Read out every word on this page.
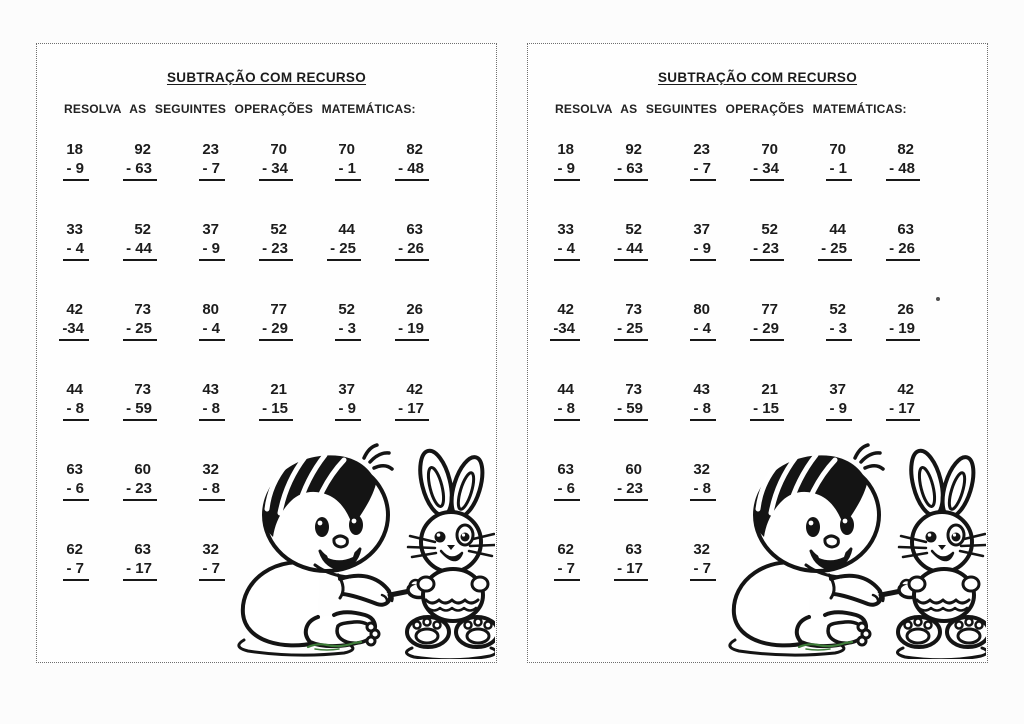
SUBTRAÇÃO COM RECURSO
RESOLVA AS SEGUINTES OPERAÇÕES MATEMÁTICAS:
18
- 9
92
- 63
23
- 7
70
- 34
70
- 1
82
- 48
33
- 4
52
- 44
37
- 9
52
- 23
44
- 25
63
- 26
42
-34
73
- 25
80
- 4
77
- 29
52
- 3
26
- 19
44
- 8
73
- 59
43
- 8
21
- 15
37
- 9
42
- 17
63
- 6
60
- 23
32
- 8
62
- 7
63
- 17
32
- 7
SUBTRAÇÃO COM RECURSO
RESOLVA AS SEGUINTES OPERAÇÕES MATEMÁTICAS:
18
- 9
92
- 63
23
- 7
70
- 34
70
- 1
82
- 48
33
- 4
52
- 44
37
- 9
52
- 23
44
- 25
63
- 26
42
-34
73
- 25
80
- 4
77
- 29
52
- 3
26
- 19
44
- 8
73
- 59
43
- 8
21
- 15
37
- 9
42
- 17
63
- 6
60
- 23
32
- 8
62
- 7
63
- 17
32
- 7
